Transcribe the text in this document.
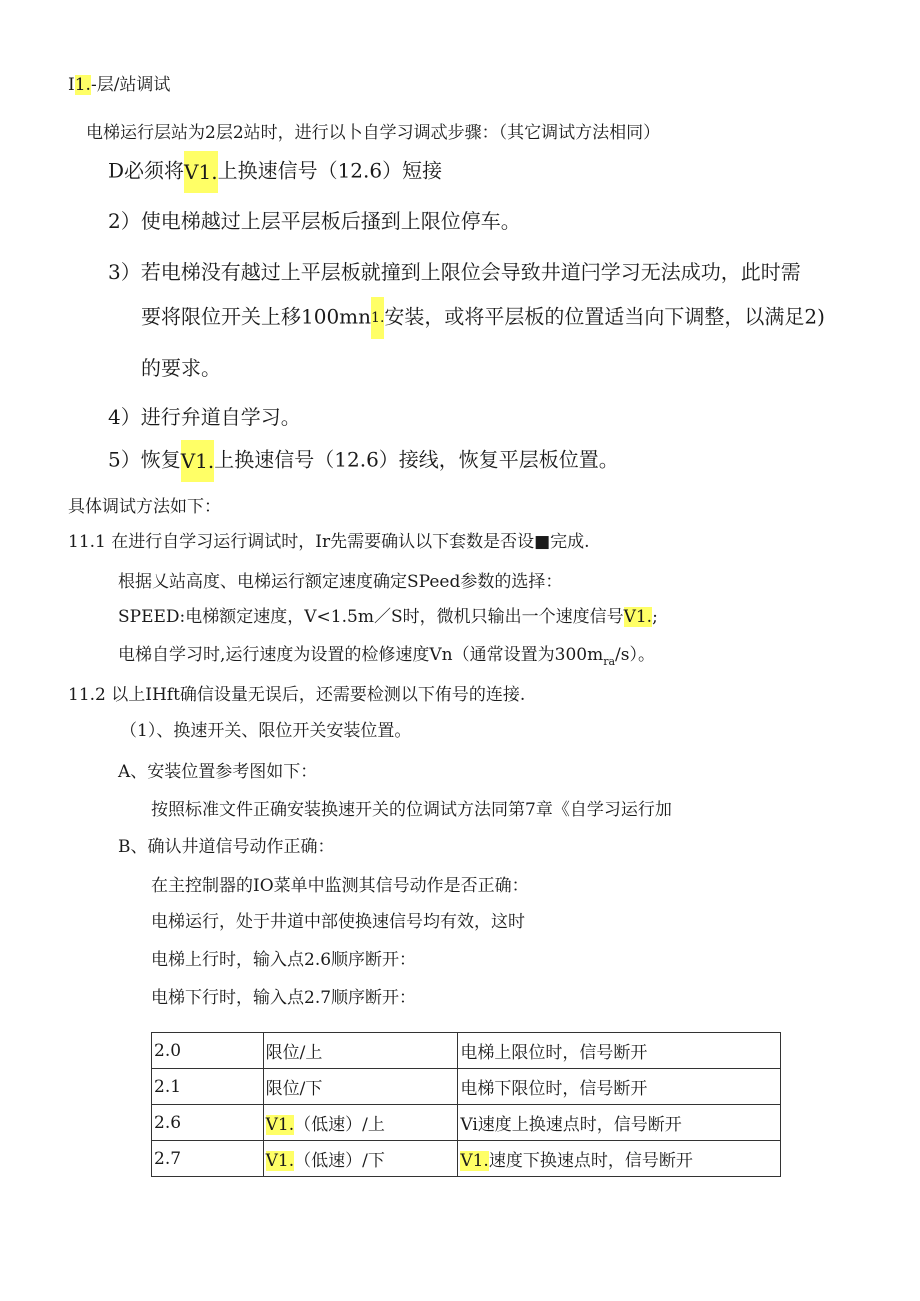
I1.-层/站调试
电梯运行层站为2层2站时，进行以卜自学习调忒步骤：（其它调试方法相同）
D必须将V1.上换速信号（12.6）短接
2）使电梯越过上层平层板后搔到上限位停车。
3）若电梯没有越过上平层板就撞到上限位会导致井道闩学习无法成功，此时需
要将限位开关上移100mn1.安装，或将平层板的位置适当向下调整，以满足2)
的要求。
4）进行弁道自学习。
5）恢复V1.上换速信号（12.6）接线，恢复平层板位置。
具体调试方法如下：
11.1 在进行自学习运行调试时，Ir先需要确认以下套数是否设■完成.
根据乂站高度、电梯运行额定速度确定SPeed参数的选择：
SPEED:电梯额定速度，V<1.5m／S时，微机只输出一个速度信号V1.;
电梯自学习时,运行速度为设置的检修速度Vn（通常设置为$300m_{ra}/s$）。
11.2 以上IHft确信设量无误后，还需要检测以下侑号的连接.
（1）、换速开关、限位开关安装位置。
A、安装位置参考图如下：
按照标准文件正确安装换速开关的位调试方法同第7章《自学习运行加
B、确认井道信号动作正确：
在主控制器的IO菜单中监测其信号动作是否正确：
电梯运行，处于井道中部使换速信号均有效，这时
电梯上行时，输入点2.6顺序断开：
电梯下行时，输入点2.7顺序断开：
2.0	限位/上	电梯上限位时，信号断开
2.1	限位/下	电梯下限位时，信号断开
2.6	V1.（低速）/上	Vi速度上换速点时，信号断开
2.7	V1.（低速）/下	V1.速度下换速点时，信号断开
